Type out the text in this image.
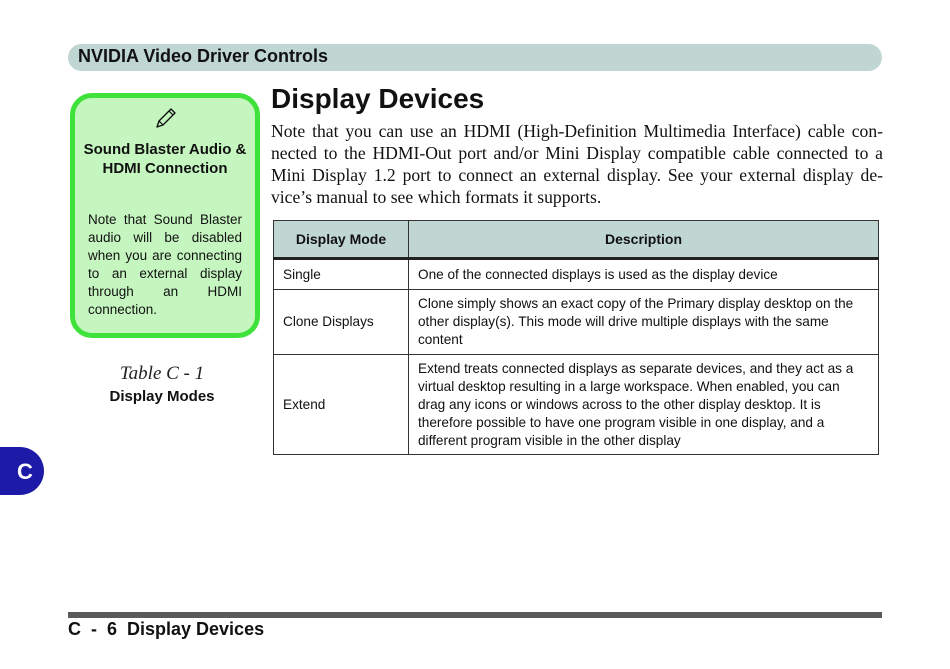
NVIDIA Video Driver Controls
Sound Blaster Audio & HDMI Connection
Note that Sound Blaster audio will be disabled when you are connecting to an external display through an HDMI connection.
Table C - 1
Display Modes
Display Devices
Note that you can use an HDMI (High-Definition Multimedia Interface) cable connected to the HDMI-Out port and/or Mini Display compatible cable connected to a Mini Display 1.2 port to connect an external display. See your external display device’s manual to see which formats it supports.
Display Mode	Description
Single	One of the connected displays is used as the display device
Clone Displays	Clone simply shows an exact copy of the Primary display desktop on the other display(s). This mode will drive multiple displays with the same content
Extend	Extend treats connected displays as separate devices, and they act as a virtual desktop resulting in a large workspace. When enabled, you can drag any icons or windows across to the other display desktop. It is therefore possible to have one program visible in one display, and a different program visible in the other display
C
C  -  6  Display Devices
